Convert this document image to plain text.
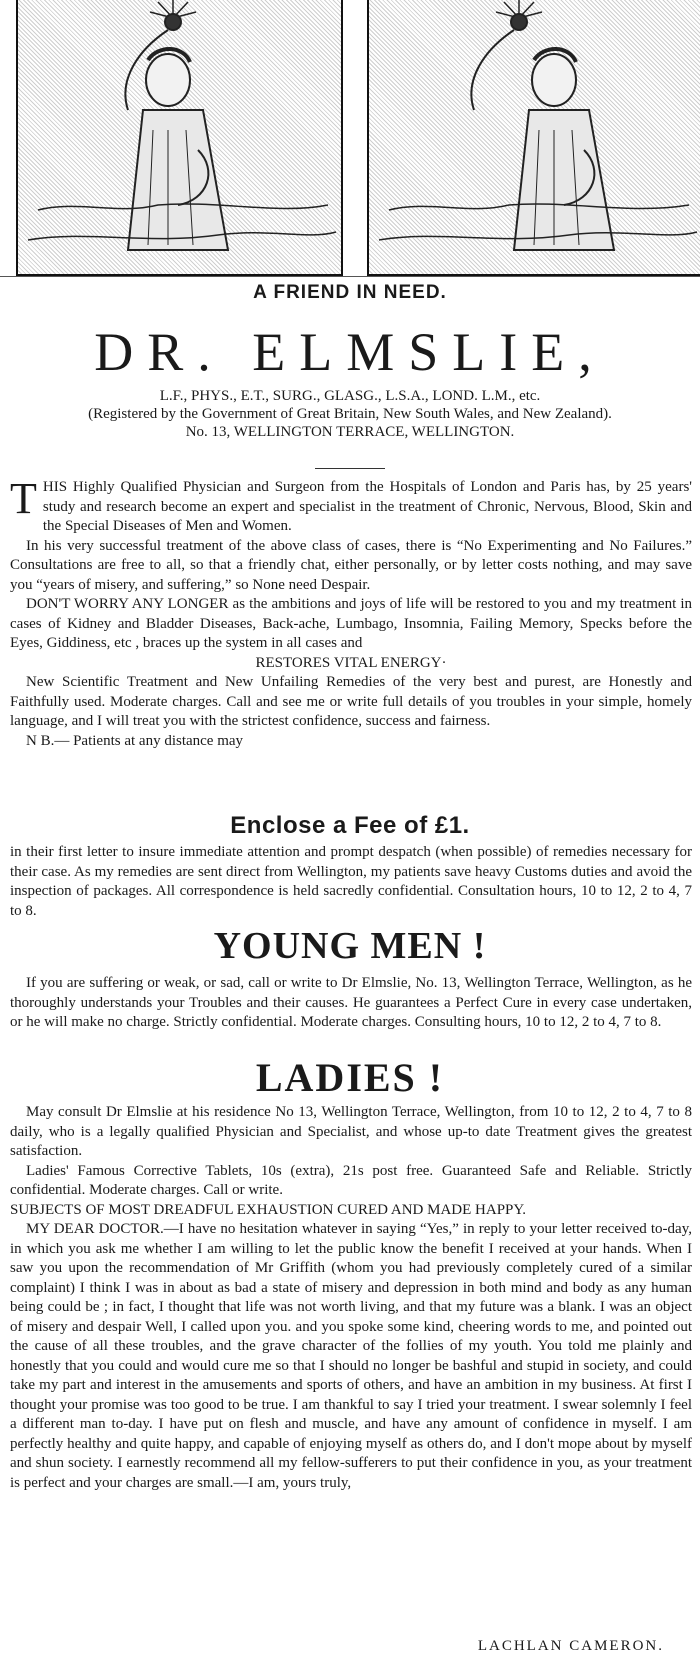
A FRIEND IN NEED.
DR. ELMSLIE,
L.F., PHYS., E.T., SURG., GLASG., L.S.A., LOND. L.M., etc.
(Registered by the Government of Great Britain, New South Wales, and New Zealand).
No. 13, WELLINGTON TERRACE, WELLINGTON.

THIS Highly Qualified Physician and Surgeon from the Hospitals of London and Paris has, by 25 years' study and research become an expert and specialist in the treatment of Chronic, Nervous, Blood, Skin and the Special Diseases of Men and Women.

In his very successful treatment of the above class of cases, there is “No Experimenting and No Failures.” Consultations are free to all, so that a friendly chat, either personally, or by letter costs nothing, and may save you “years of misery, and suffering,” so None need Despair.

DON'T WORRY ANY LONGER as the ambitions and joys of life will be restored to you and my treatment in cases of Kidney and Bladder Diseases, Back-ache, Lumbago, Insomnia, Failing Memory, Specks before the Eyes, Giddiness, etc , braces up the system in all cases and

RESTORES VITAL ENERGY·

New Scientific Treatment and New Unfailing Remedies of the very best and purest, are Honestly and Faithfully used. Moderate charges. Call and see me or write full details of you troubles in your simple, homely language, and I will treat you with the strictest confidence, success and fairness.

N B.— Patients at any distance may

Enclose a Fee of £1.

in their first letter to insure immediate attention and prompt despatch (when possible) of remedies necessary for their case. As my remedies are sent direct from Wellington, my patients save heavy Customs duties and avoid the inspection of packages. All correspondence is held sacredly confidential. Consultation hours, 10 to 12, 2 to 4, 7 to 8.

YOUNG MEN !

If you are suffering or weak, or sad, call or write to Dr Elmslie, No. 13, Wellington Terrace, Wellington, as he thoroughly understands your Troubles and their causes. He guarantees a Perfect Cure in every case undertaken, or he will make no charge. Strictly confidential. Moderate charges. Consulting hours, 10 to 12, 2 to 4, 7 to 8.

LADIES !

May consult Dr Elmslie at his residence No 13, Wellington Terrace, Wellington, from 10 to 12, 2 to 4, 7 to 8 daily, who is a legally qualified Physician and Specialist, and whose up-to date Treatment gives the greatest satisfaction.

Ladies' Famous Corrective Tablets, 10s (extra), 21s post free. Guaranteed Safe and Reliable. Strictly confidential. Moderate charges. Call or write.

SUBJECTS OF MOST DREADFUL EXHAUSTION CURED AND MADE HAPPY.

MY DEAR DOCTOR.—I have no hesitation whatever in saying “Yes,” in reply to your letter received to-day, in which you ask me whether I am willing to let the public know the benefit I received at your hands. When I saw you upon the recommendation of Mr Griffith (whom you had previously completely cured of a similar complaint) I think I was in about as bad a state of misery and depression in both mind and body as any human being could be ; in fact, I thought that life was not worth living, and that my future was a blank. I was an object of misery and despair Well, I called upon you. and you spoke some kind, cheering words to me, and pointed out the cause of all these troubles, and the grave character of the follies of my youth. You told me plainly and honestly that you could and would cure me so that I should no longer be bashful and stupid in society, and could take my part and interest in the amusements and sports of others, and have an ambition in my business. At first I thought your promise was too good to be true. I am thankful to say I tried your treatment. I swear solemnly I feel a different man to-day. I have put on flesh and muscle, and have any amount of confidence in myself. I am perfectly healthy and quite happy, and capable of enjoying myself as others do, and I don't mope about by myself and shun society. I earnestly recommend all my fellow-sufferers to put their confidence in you, as your treatment is perfect and your charges are small.—I am, yours truly,

LACHLAN CAMERON.
